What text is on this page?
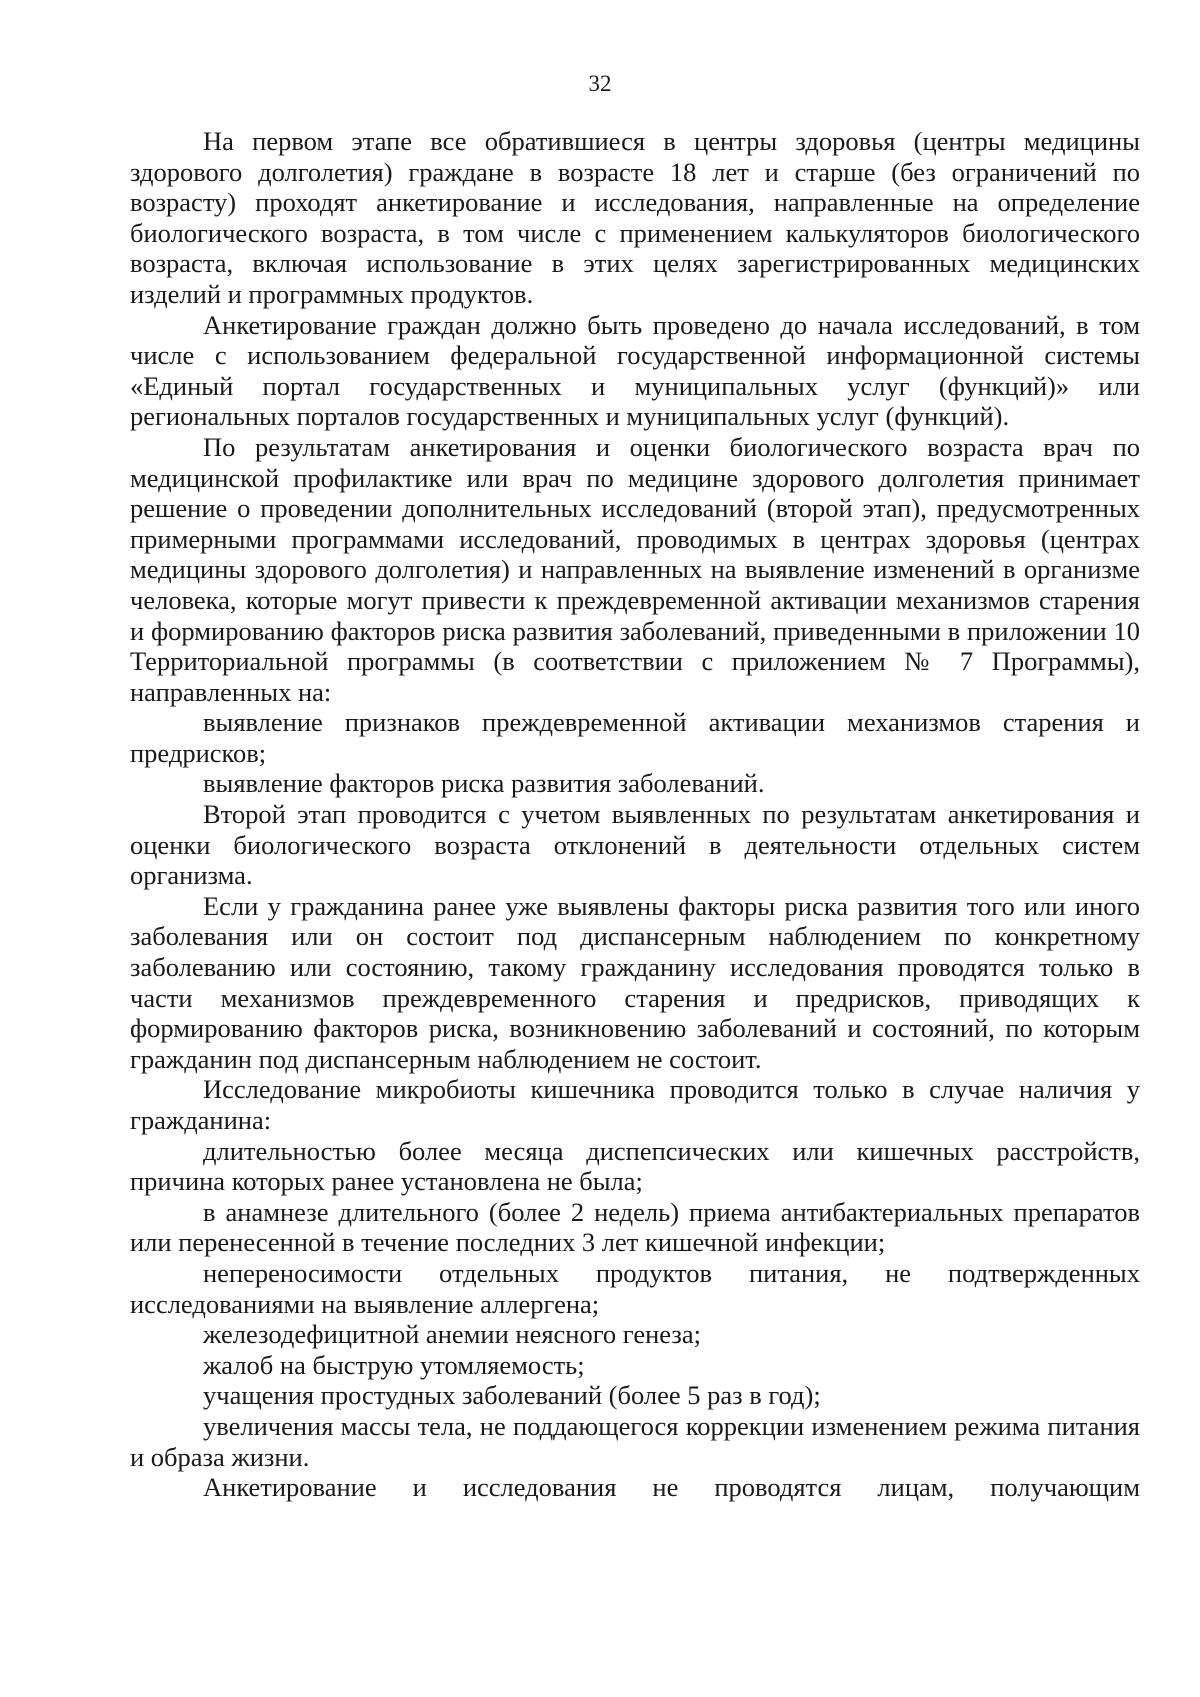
32

На первом этапе все обратившиеся в центры здоровья (центры медицины здорового долголетия) граждане в возрасте 18 лет и старше (без ограничений по возрасту) проходят анкетирование и исследования, направленные на определение биологического возраста, в том числе с применением калькуляторов биологического возраста, включая использование в этих целях зарегистрированных медицинских изделий и программных продуктов.

Анкетирование граждан должно быть проведено до начала исследований, в том числе с использованием федеральной государственной информационной системы «Единый портал государственных и муниципальных услуг (функций)» или региональных порталов государственных и муниципальных услуг (функций).

По результатам анкетирования и оценки биологического возраста врач по медицинской профилактике или врач по медицине здорового долголетия принимает решение о проведении дополнительных исследований (второй этап), предусмотренных примерными программами исследований, проводимых в центрах здоровья (центрах медицины здорового долголетия) и направленных на выявление изменений в организме человека, которые могут привести к преждевременной активации механизмов старения и формированию факторов риска развития заболеваний, приведенными в приложении 10 Территориальной программы (в соответствии с приложением № 7 Программы), направленных на:

выявление признаков преждевременной активации механизмов старения и предрисков;

выявление факторов риска развития заболеваний.

Второй этап проводится с учетом выявленных по результатам анкетирования и оценки биологического возраста отклонений в деятельности отдельных систем организма.

Если у гражданина ранее уже выявлены факторы риска развития того или иного заболевания или он состоит под диспансерным наблюдением по конкретному заболеванию или состоянию, такому гражданину исследования проводятся только в части механизмов преждевременного старения и предрисков, приводящих к формированию факторов риска, возникновению заболеваний и состояний, по которым гражданин под диспансерным наблюдением не состоит.

Исследование микробиоты кишечника проводится только в случае наличия у гражданина:

длительностью более месяца диспепсических или кишечных расстройств, причина которых ранее установлена не была;

в анамнезе длительного (более 2 недель) приема антибактериальных препаратов или перенесенной в течение последних 3 лет кишечной инфекции;

непереносимости отдельных продуктов питания, не подтвержденных исследованиями на выявление аллергена;

железодефицитной анемии неясного генеза;

жалоб на быструю утомляемость;

учащения простудных заболеваний (более 5 раз в год);

увеличения массы тела, не поддающегося коррекции изменением режима питания и образа жизни.

Анкетирование и исследования не проводятся лицам, получающим
